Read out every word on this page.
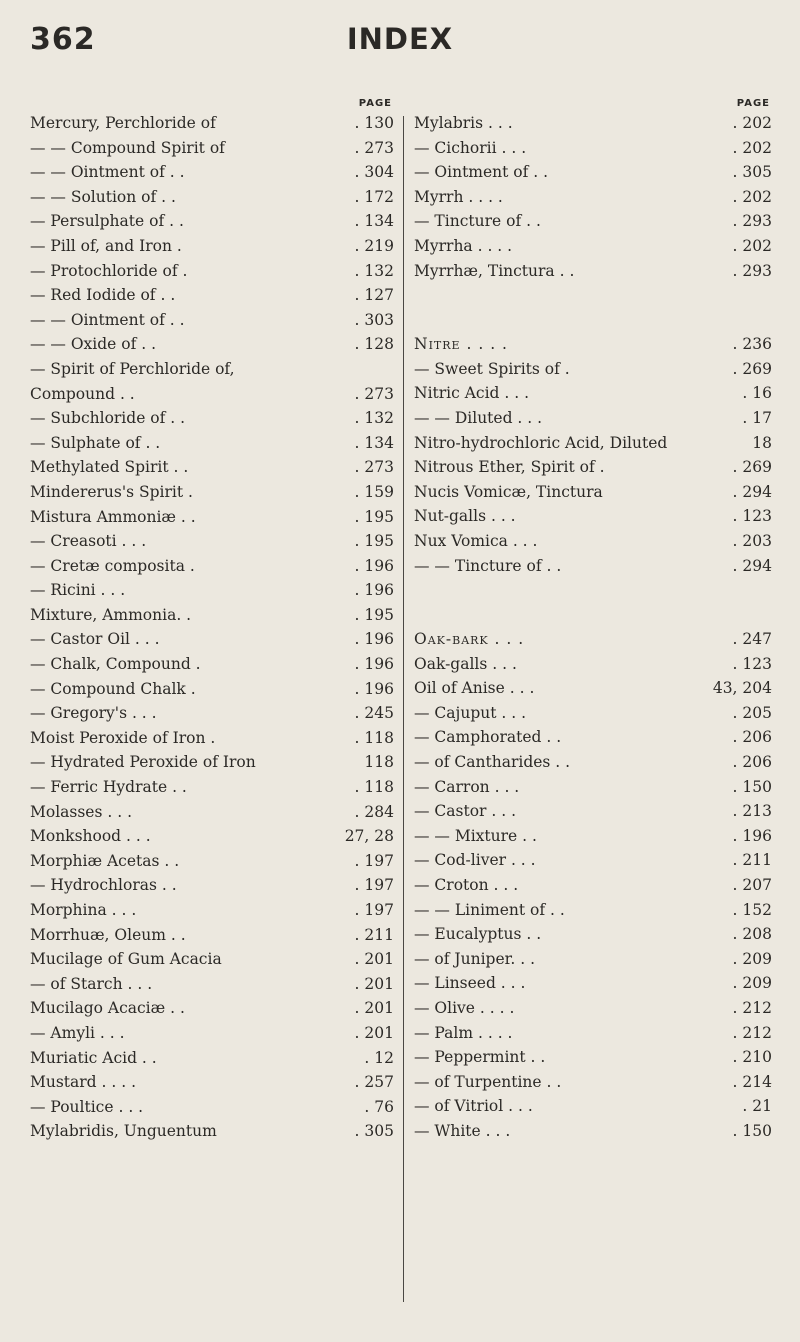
362	INDEX
PAGE
Mercury, Perchloride of	. 130
— — Compound Spirit of	. 273
— — Ointment of . .	. 304
— — Solution of . .	. 172
— Persulphate of . .	. 134
— Pill of, and Iron .	. 219
— Protochloride of .	. 132
— Red Iodide of . .	. 127
— — Ointment of . .	. 303
— — Oxide of . .	. 128
— Spirit of Perchloride of,
Compound . .	. 273
— Subchloride of . .	. 132
— Sulphate of . .	. 134
Methylated Spirit . .	. 273
Mindererus's Spirit .	. 159
Mistura Ammoniæ . .	. 195
— Creasoti . . .	. 195
— Cretæ composita .	. 196
— Ricini . . .	. 196
Mixture, Ammonia. .	. 195
— Castor Oil . . .	. 196
— Chalk, Compound .	. 196
— Compound Chalk .	. 196
— Gregory's . . .	. 245
Moist Peroxide of Iron .	. 118
— Hydrated Peroxide of Iron	118
— Ferric Hydrate . .	. 118
Molasses . . .	. 284
Monkshood . . .	27, 28
Morphiæ Acetas . .	. 197
— Hydrochloras . .	. 197
Morphina . . .	. 197
Morrhuæ, Oleum . .	. 211
Mucilage of Gum Acacia	. 201
— of Starch . . .	. 201
Mucilago Acaciæ . .	. 201
— Amyli . . .	. 201
Muriatic Acid . .	. 12
Mustard . . . .	. 257
— Poultice . . .	. 76
Mylabridis, Unguentum	. 305
PAGE
Mylabris . . .	. 202
— Cichorii . . .	. 202
— Ointment of . .	. 305
Myrrh . . . .	. 202
— Tincture of . .	. 293
Myrrha . . . .	. 202
Myrrhæ, Tinctura . .	. 293
Nitre . . . .	. 236
— Sweet Spirits of .	. 269
Nitric Acid . . .	. 16
— — Diluted . . .	. 17
Nitro-hydrochloric Acid, Diluted	18
Nitrous Ether, Spirit of .	. 269
Nucis Vomicæ, Tinctura	. 294
Nut-galls . . .	. 123
Nux Vomica . . .	. 203
— — Tincture of . .	. 294
Oak-bark . . .	. 247
Oak-galls . . .	. 123
Oil of Anise . . .	43, 204
— Cajuput . . .	. 205
— Camphorated . .	. 206
— of Cantharides . .	. 206
— Carron . . .	. 150
— Castor . . .	. 213
— — Mixture . .	. 196
— Cod-liver . . .	. 211
— Croton . . .	. 207
— — Liniment of . .	. 152
— Eucalyptus . .	. 208
— of Juniper. . .	. 209
— Linseed . . .	. 209
— Olive . . . .	. 212
— Palm . . . .	. 212
— Peppermint . .	. 210
— of Turpentine . .	. 214
— of Vitriol . . .	. 21
— White . . .	. 150
